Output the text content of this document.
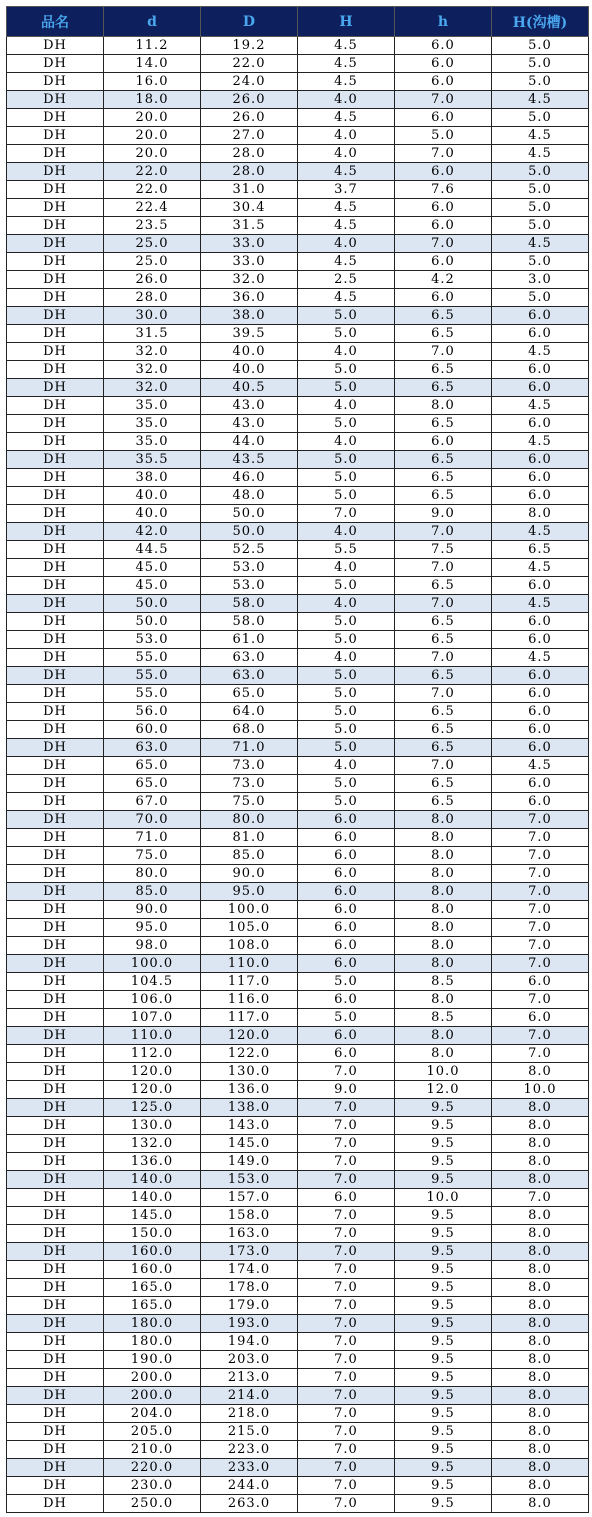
品名	d	D	H	h	H(沟槽)
DH	11.2	19.2	4.5	6.0	5.0
DH	14.0	22.0	4.5	6.0	5.0
DH	16.0	24.0	4.5	6.0	5.0
DH	18.0	26.0	4.0	7.0	4.5
DH	20.0	26.0	4.5	6.0	5.0
DH	20.0	27.0	4.0	5.0	4.5
DH	20.0	28.0	4.0	7.0	4.5
DH	22.0	28.0	4.5	6.0	5.0
DH	22.0	31.0	3.7	7.6	5.0
DH	22.4	30.4	4.5	6.0	5.0
DH	23.5	31.5	4.5	6.0	5.0
DH	25.0	33.0	4.0	7.0	4.5
DH	25.0	33.0	4.5	6.0	5.0
DH	26.0	32.0	2.5	4.2	3.0
DH	28.0	36.0	4.5	6.0	5.0
DH	30.0	38.0	5.0	6.5	6.0
DH	31.5	39.5	5.0	6.5	6.0
DH	32.0	40.0	4.0	7.0	4.5
DH	32.0	40.0	5.0	6.5	6.0
DH	32.0	40.5	5.0	6.5	6.0
DH	35.0	43.0	4.0	8.0	4.5
DH	35.0	43.0	5.0	6.5	6.0
DH	35.0	44.0	4.0	6.0	4.5
DH	35.5	43.5	5.0	6.5	6.0
DH	38.0	46.0	5.0	6.5	6.0
DH	40.0	48.0	5.0	6.5	6.0
DH	40.0	50.0	7.0	9.0	8.0
DH	42.0	50.0	4.0	7.0	4.5
DH	44.5	52.5	5.5	7.5	6.5
DH	45.0	53.0	4.0	7.0	4.5
DH	45.0	53.0	5.0	6.5	6.0
DH	50.0	58.0	4.0	7.0	4.5
DH	50.0	58.0	5.0	6.5	6.0
DH	53.0	61.0	5.0	6.5	6.0
DH	55.0	63.0	4.0	7.0	4.5
DH	55.0	63.0	5.0	6.5	6.0
DH	55.0	65.0	5.0	7.0	6.0
DH	56.0	64.0	5.0	6.5	6.0
DH	60.0	68.0	5.0	6.5	6.0
DH	63.0	71.0	5.0	6.5	6.0
DH	65.0	73.0	4.0	7.0	4.5
DH	65.0	73.0	5.0	6.5	6.0
DH	67.0	75.0	5.0	6.5	6.0
DH	70.0	80.0	6.0	8.0	7.0
DH	71.0	81.0	6.0	8.0	7.0
DH	75.0	85.0	6.0	8.0	7.0
DH	80.0	90.0	6.0	8.0	7.0
DH	85.0	95.0	6.0	8.0	7.0
DH	90.0	100.0	6.0	8.0	7.0
DH	95.0	105.0	6.0	8.0	7.0
DH	98.0	108.0	6.0	8.0	7.0
DH	100.0	110.0	6.0	8.0	7.0
DH	104.5	117.0	5.0	8.5	6.0
DH	106.0	116.0	6.0	8.0	7.0
DH	107.0	117.0	5.0	8.5	6.0
DH	110.0	120.0	6.0	8.0	7.0
DH	112.0	122.0	6.0	8.0	7.0
DH	120.0	130.0	7.0	10.0	8.0
DH	120.0	136.0	9.0	12.0	10.0
DH	125.0	138.0	7.0	9.5	8.0
DH	130.0	143.0	7.0	9.5	8.0
DH	132.0	145.0	7.0	9.5	8.0
DH	136.0	149.0	7.0	9.5	8.0
DH	140.0	153.0	7.0	9.5	8.0
DH	140.0	157.0	6.0	10.0	7.0
DH	145.0	158.0	7.0	9.5	8.0
DH	150.0	163.0	7.0	9.5	8.0
DH	160.0	173.0	7.0	9.5	8.0
DH	160.0	174.0	7.0	9.5	8.0
DH	165.0	178.0	7.0	9.5	8.0
DH	165.0	179.0	7.0	9.5	8.0
DH	180.0	193.0	7.0	9.5	8.0
DH	180.0	194.0	7.0	9.5	8.0
DH	190.0	203.0	7.0	9.5	8.0
DH	200.0	213.0	7.0	9.5	8.0
DH	200.0	214.0	7.0	9.5	8.0
DH	204.0	218.0	7.0	9.5	8.0
DH	205.0	215.0	7.0	9.5	8.0
DH	210.0	223.0	7.0	9.5	8.0
DH	220.0	233.0	7.0	9.5	8.0
DH	230.0	244.0	7.0	9.5	8.0
DH	250.0	263.0	7.0	9.5	8.0
